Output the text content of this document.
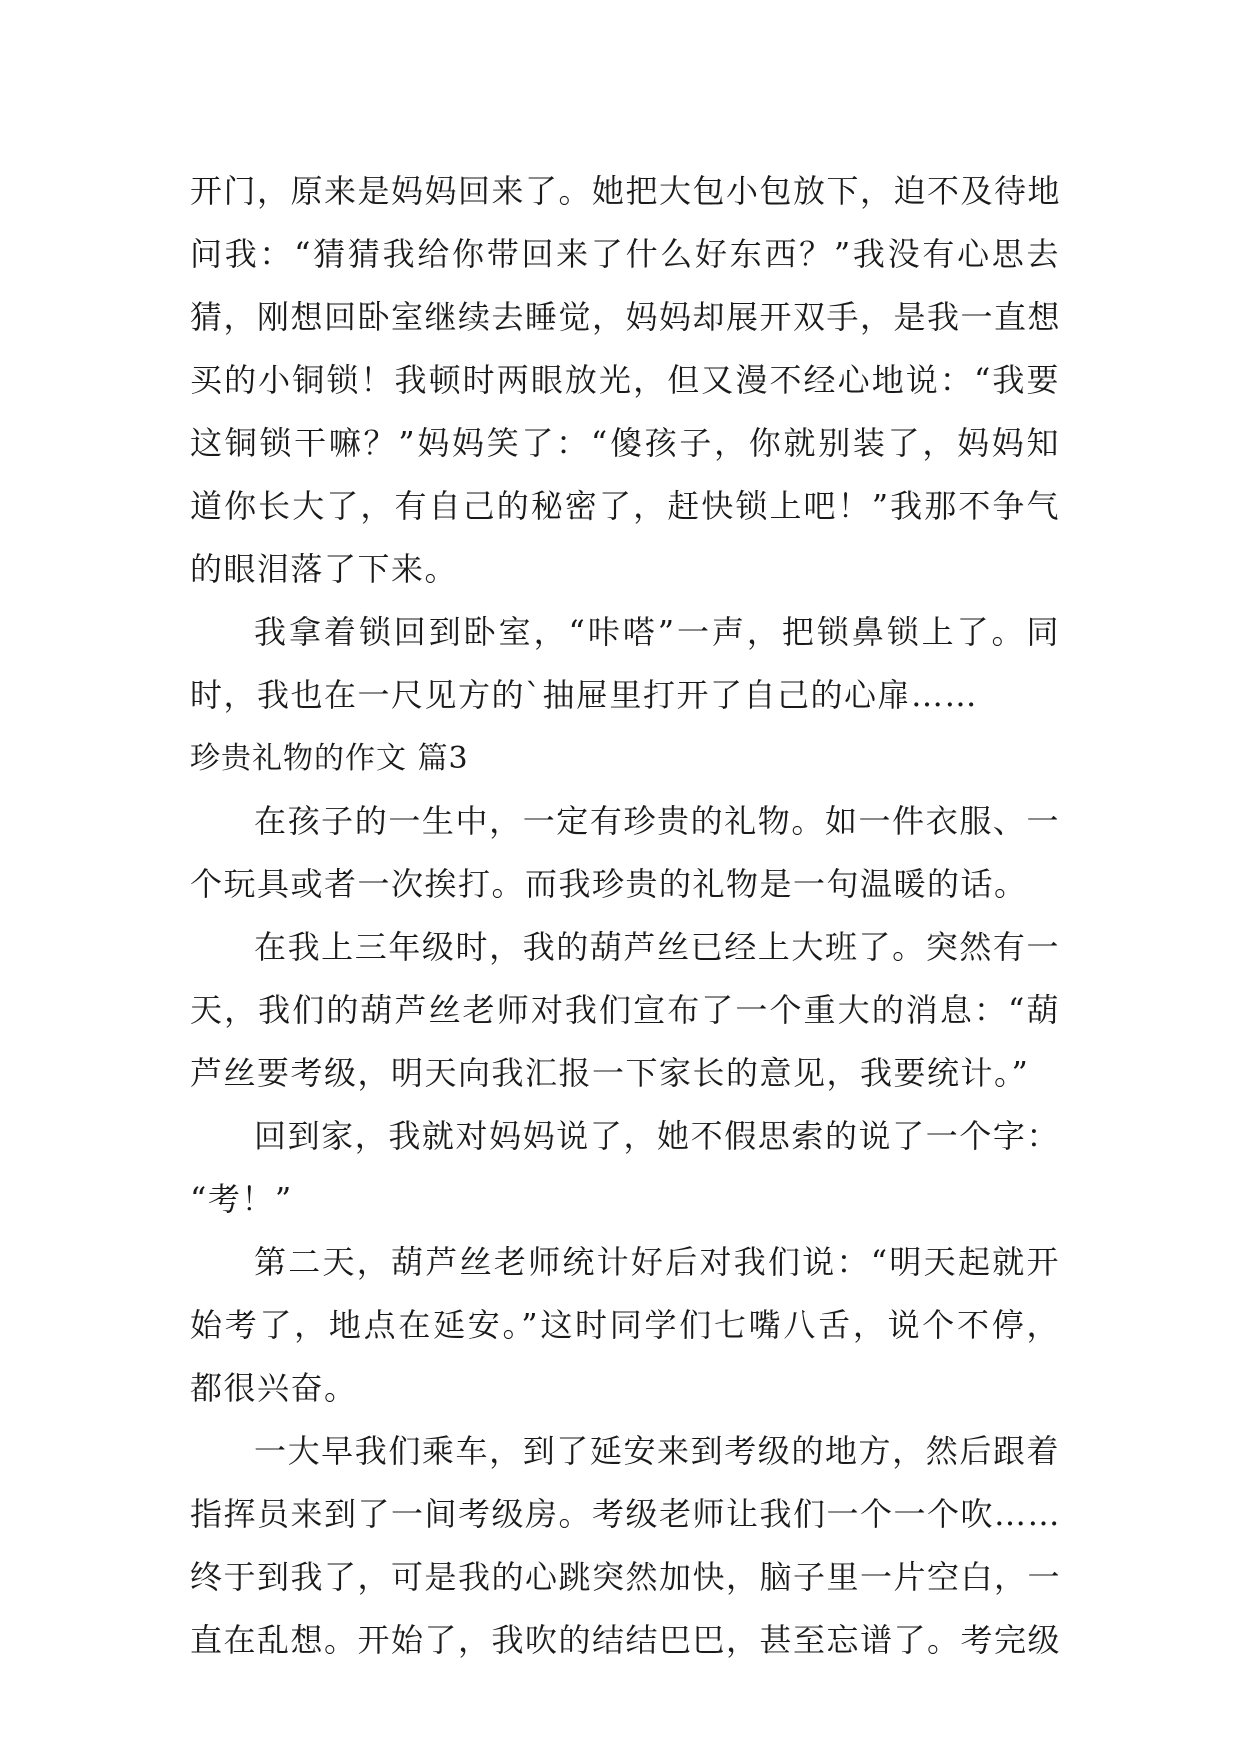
开门，原来是妈妈回来了。她把大包小包放下，迫不及待地
问我：“猜猜我给你带回来了什么好东西？”我没有心思去
猜，刚想回卧室继续去睡觉，妈妈却展开双手，是我一直想
买的小铜锁！我顿时两眼放光，但又漫不经心地说：“我要
这铜锁干嘛？”妈妈笑了：“傻孩子，你就别装了，妈妈知
道你长大了，有自己的秘密了，赶快锁上吧！”我那不争气
的眼泪落了下来。
我拿着锁回到卧室，“咔嗒”一声，把锁鼻锁上了。同
时，我也在一尺见方的`抽屉里打开了自己的心扉……
珍贵礼物的作文 篇3
在孩子的一生中，一定有珍贵的礼物。如一件衣服、一
个玩具或者一次挨打。而我珍贵的礼物是一句温暖的话。
在我上三年级时，我的葫芦丝已经上大班了。突然有一
天，我们的葫芦丝老师对我们宣布了一个重大的消息：“葫
芦丝要考级，明天向我汇报一下家长的意见，我要统计。”
回到家，我就对妈妈说了，她不假思索的说了一个字：
“考！”
第二天，葫芦丝老师统计好后对我们说：“明天起就开
始考了，地点在延安。”这时同学们七嘴八舌，说个不停，
都很兴奋。
一大早我们乘车，到了延安来到考级的地方，然后跟着
指挥员来到了一间考级房。考级老师让我们一个一个吹……
终于到我了，可是我的心跳突然加快，脑子里一片空白，一
直在乱想。开始了，我吹的结结巴巴，甚至忘谱了。考完级
